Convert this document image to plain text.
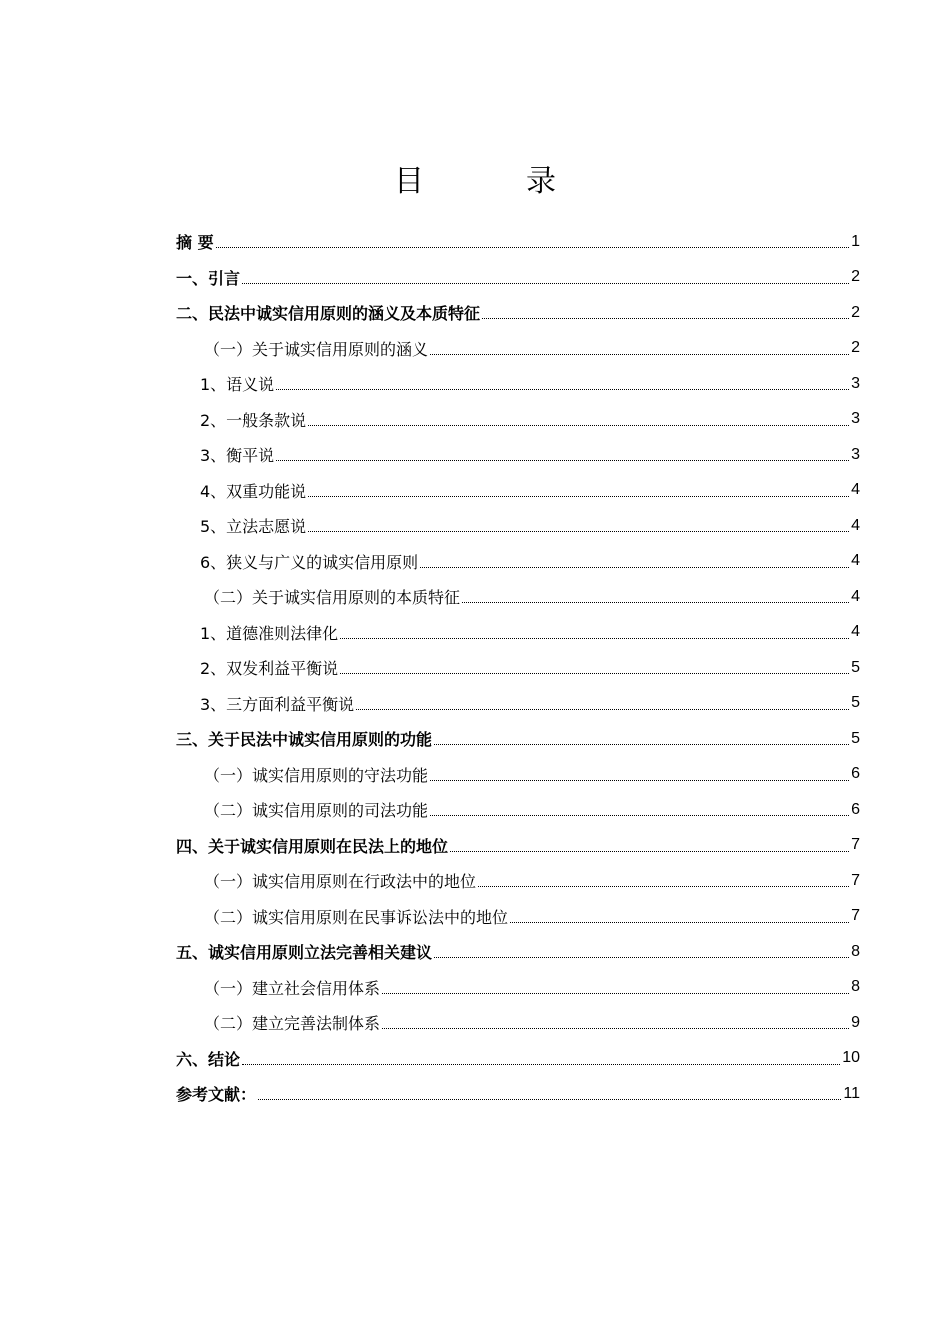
目　录
摘 要	1
一、引言	2
二、民法中诚实信用原则的涵义及本质特征	2
（一）关于诚实信用原则的涵义	2
1、语义说	3
2、一般条款说	3
3、衡平说	3
4、双重功能说	4
5、立法志愿说	4
6、狭义与广义的诚实信用原则	4
（二）关于诚实信用原则的本质特征	4
1、道德准则法律化	4
2、双发利益平衡说	5
3、三方面利益平衡说	5
三、关于民法中诚实信用原则的功能	5
（一）诚实信用原则的守法功能	6
（二）诚实信用原则的司法功能	6
四、关于诚实信用原则在民法上的地位	7
（一）诚实信用原则在行政法中的地位	7
（二）诚实信用原则在民事诉讼法中的地位	7
五、诚实信用原则立法完善相关建议	8
（一）建立社会信用体系	8
（二）建立完善法制体系	9
六、结论	10
参考文献：	11
